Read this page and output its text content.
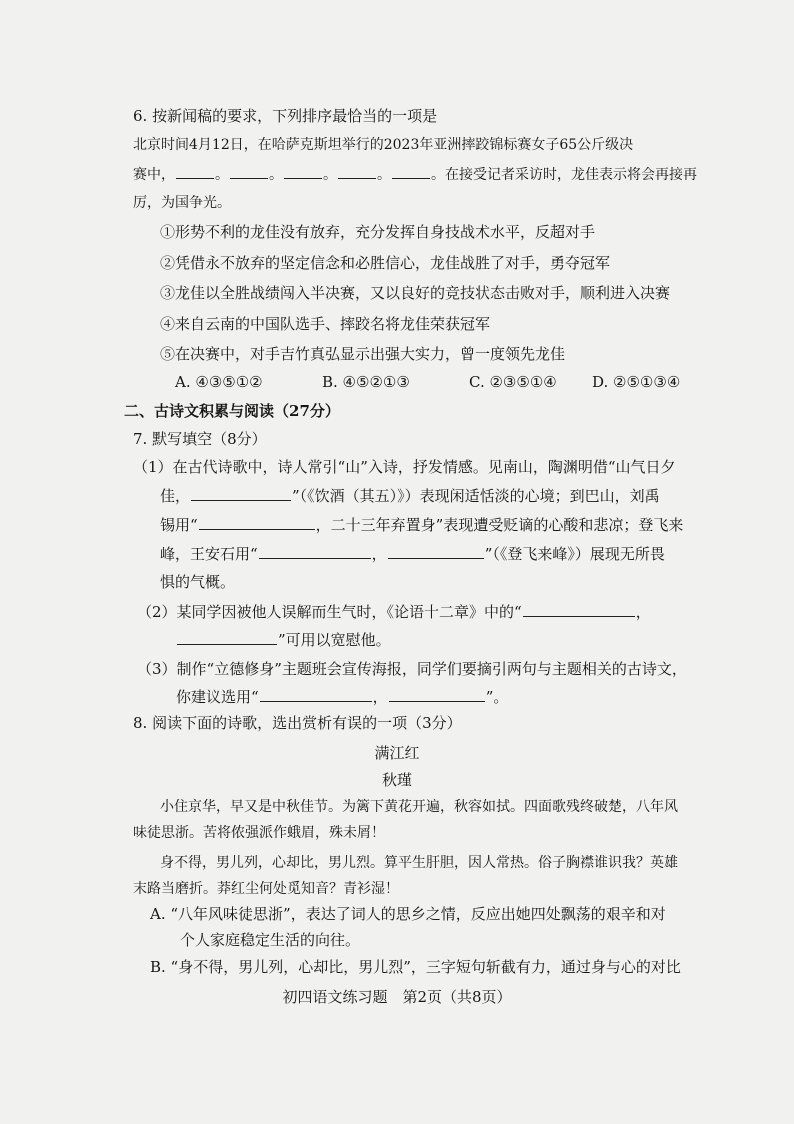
6. 按新闻稿的要求，下列排序最恰当的一项是
北京时间4月12日，在哈萨克斯坦举行的2023年亚洲摔跤锦标赛女子65公斤级决
赛中，	。	。	。	。	。在接受记者采访时，龙佳表示将会再接再
厉，为国争光。
①形势不利的龙佳没有放弃，充分发挥自身技战术水平，反超对手
②凭借永不放弃的坚定信念和必胜信心，龙佳战胜了对手，勇夺冠军
③龙佳以全胜战绩闯入半决赛，又以良好的竞技状态击败对手，顺利进入决赛
④来自云南的中国队选手、摔跤名将龙佳荣获冠军
⑤在决赛中，对手吉竹真弘显示出强大实力，曾一度领先龙佳
A. ④③⑤①②	B. ④⑤②①③	C. ②③⑤①④ D. ②⑤①③④
二、古诗文积累与阅读（27分）
7. 默写填空（8分）
（1）在古代诗歌中，诗人常引“山”入诗，抒发情感。见南山，陶渊明借“山气日夕
佳，	”（《饮酒（其五）》）表现闲适恬淡的心境；到巴山，刘禹
锡用“	，二十三年弃置身”表现遭受贬谪的心酸和悲凉；登飞来
峰，王安石用“	，	”（《登飞来峰》）展现无所畏
惧的气概。
（2）某同学因被他人误解而生气时，《论语十二章》中的“	，
”可用以宽慰他。
（3）制作“立德修身”主题班会宣传海报，同学们要摘引两句与主题相关的古诗文，
你建议选用“	，	”。
8. 阅读下面的诗歌，选出赏析有误的一项（3分）
满江红
秋瑾
小住京华，早又是中秋佳节。为篱下黄花开遍，秋容如拭。四面歌残终破楚，八年风
味徒思浙。苦将侬强派作蛾眉，殊未屑！
身不得，男儿列，心却比，男儿烈。算平生肝胆，因人常热。俗子胸襟谁识我？英雄
末路当磨折。莽红尘何处觅知音？青衫湿！
A. “八年风味徒思浙”，表达了词人的思乡之情，反应出她四处飘荡的艰辛和对
个人家庭稳定生活的向往。
B. “身不得，男儿列，心却比，男儿烈”，三字短句斩截有力，通过身与心的对比
初四语文练习题　第2页（共8页）
